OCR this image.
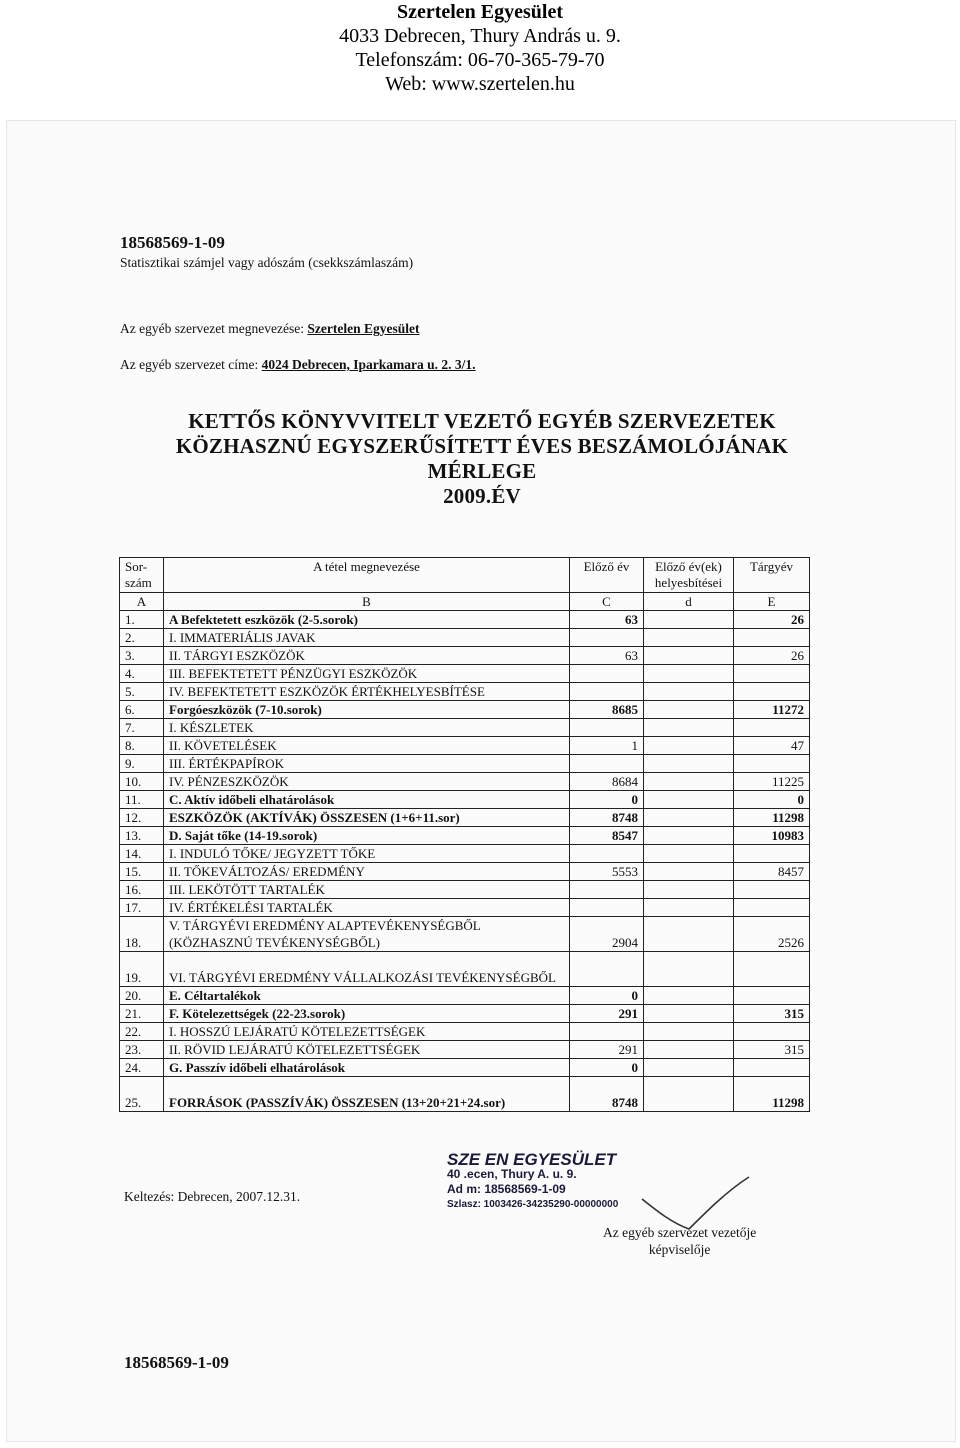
Szertelen Egyesület
4033 Debrecen, Thury András u. 9.
Telefonszám: 06-70-365-79-70
Web: www.szertelen.hu
18568569-1-09
Statisztikai számjel vagy adószám (csekkszámlaszám)
Az egyéb szervezet megnevezése: Szertelen Egyesület
Az egyéb szervezet címe: 4024 Debrecen, Iparkamara u. 2. 3/1.
KETTŐS KÖNYVVITELT VEZETŐ EGYÉB SZERVEZETEK
KÖZHASZNÚ EGYSZERŰSÍTETT ÉVES BESZÁMOLÓJÁNAK
MÉRLEGE
2009.ÉV
Sor-szám	A tétel megnevezése	Előző év	Előző év(ek) helyesbítései	Tárgyév
A	B	C	d	E
1.	A Befektetett eszközök (2-5.sorok)	63		26
2.	I. IMMATERIÁLIS JAVAK			
3.	II. TÁRGYI ESZKÖZÖK	63		26
4.	III. BEFEKTETETT PÉNZÜGYI ESZKÖZÖK			
5.	IV. BEFEKTETETT ESZKÖZÖK ÉRTÉKHELYESBÍTÉSE			
6.	Forgóeszközök (7-10.sorok)	8685		11272
7.	I. KÉSZLETEK			
8.	II. KÖVETELÉSEK	1		47
9.	III. ÉRTÉKPAPÍROK			
10.	IV. PÉNZESZKÖZÖK	8684		11225
11.	C. Aktív időbeli elhatárolások	0		0
12.	ESZKÖZÖK (AKTÍVÁK) ÖSSZESEN (1+6+11.sor)	8748		11298
13.	D. Saját tőke (14-19.sorok)	8547		10983
14.	I. INDULÓ TŐKE/ JEGYZETT TŐKE			
15.	II. TŐKEVÁLTOZÁS/ EREDMÉNY	5553		8457
16.	III. LEKÖTÖTT TARTALÉK			
17.	IV. ÉRTÉKELÉSI TARTALÉK			
18.	V. TÁRGYÉVI EREDMÉNY ALAPTEVÉKENYSÉGBŐL (KÖZHASZNÚ TEVÉKENYSÉGBŐL)	2904		2526
19.	VI. TÁRGYÉVI EREDMÉNY VÁLLALKOZÁSI TEVÉKENYSÉGBŐL			
20.	E. Céltartalékok	0		
21.	F. Kötelezettségek (22-23.sorok)	291		315
22.	I. HOSSZÚ LEJÁRATÚ KÖTELEZETTSÉGEK			
23.	II. RÖVID LEJÁRATÚ KÖTELEZETTSÉGEK	291		315
24.	G. Passzív időbeli elhatárolások	0		
25.	FORRÁSOK (PASSZÍVÁK) ÖSSZESEN (13+20+21+24.sor)	8748		11298
Keltezés: Debrecen, 2007.12.31.
SZE EN EGYESÜLET
40 .ecen, Thury A. u. 9.
Ad m: 18568569-1-09
Szlasz: 1003426-34235290-00000000
Az egyéb szervezet vezetője
képviselője
18568569-1-09
